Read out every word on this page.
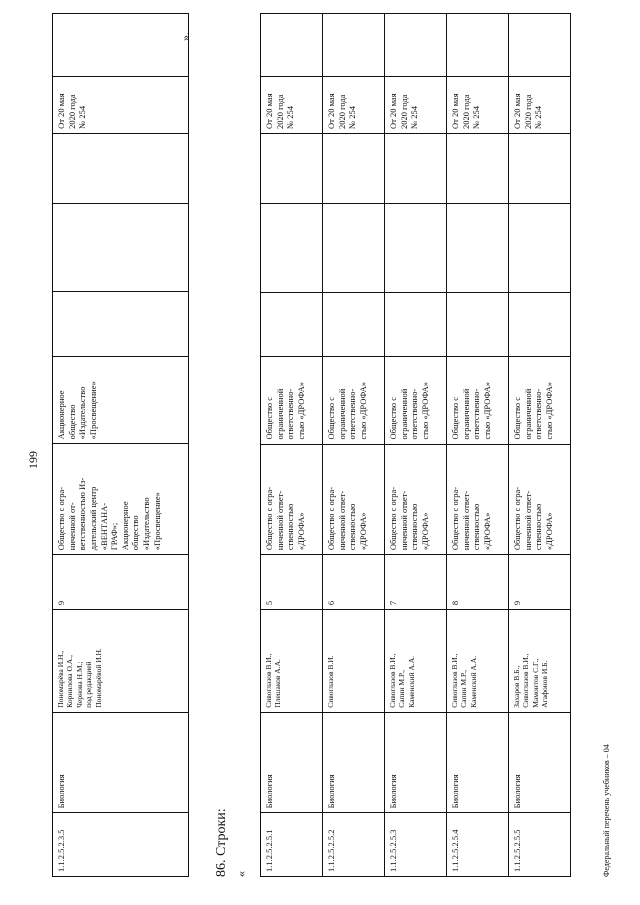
199
».
1.1.2.5.2.3.5	Биология	Пономарёва И.Н.,
Корнилова О.А.,
Чернова Н.М.;
под редакцией
Пономарёвой И.Н.	9	Общество с огра-
ниченной от-
ветственностью Из-
дательский центр
«ВЕНТАНА-
ГРАФ»;
Акционерное
общество
«Издательство
«Просвещение»	Акционерное
общество
«Издательство
«Просвещение»				От 20 мая
2020 года
№ 254	
86. Строки: «
1.1.2.5.2.5.1	Биология	Сивоглазов В.И.,
Плешаков А.А.	5	Общество с огра-
ниченной ответ-
ственностью
«ДРОФА»	Общество с
ограниченной
ответственно-
стью «ДРОФА»				От 20 мая
2020 года
№ 254	
1.1.2.5.2.5.2	Биология	Сивоглазов В.И.	6	Общество с огра-
ниченной ответ-
ственностью
«ДРОФА»	Общество с
ограниченной
ответственно-
стью «ДРОФА»				От 20 мая
2020 года
№ 254	
1.1.2.5.2.5.3	Биология	Сивоглазов В.И.,
Сапин М.Р.,
Каменский А.А.	7	Общество с огра-
ниченной ответ-
ственностью
«ДРОФА»	Общество с
ограниченной
ответственно-
стью «ДРОФА»				От 20 мая
2020 года
№ 254	
1.1.2.5.2.5.4	Биология	Сивоглазов В.И.,
Сапин М.Р.,
Каменский А.А.	8	Общество с огра-
ниченной ответ-
ственностью
«ДРОФА»	Общество с
ограниченной
ответственно-
стью «ДРОФА»				От 20 мая
2020 года
№ 254	
1.1.2.5.2.5.5	Биология	Захаров В.Б.,
Сивоглазов В.И.,
Мамонтов С.Г.,
Агафонов И.Б.	9	Общество с огра-
ниченной ответ-
ственностью
«ДРОФА»	Общество с
ограниченной
ответственно-
стью «ДРОФА»				От 20 мая
2020 года
№ 254	
Федеральный перечень учебников – 04
